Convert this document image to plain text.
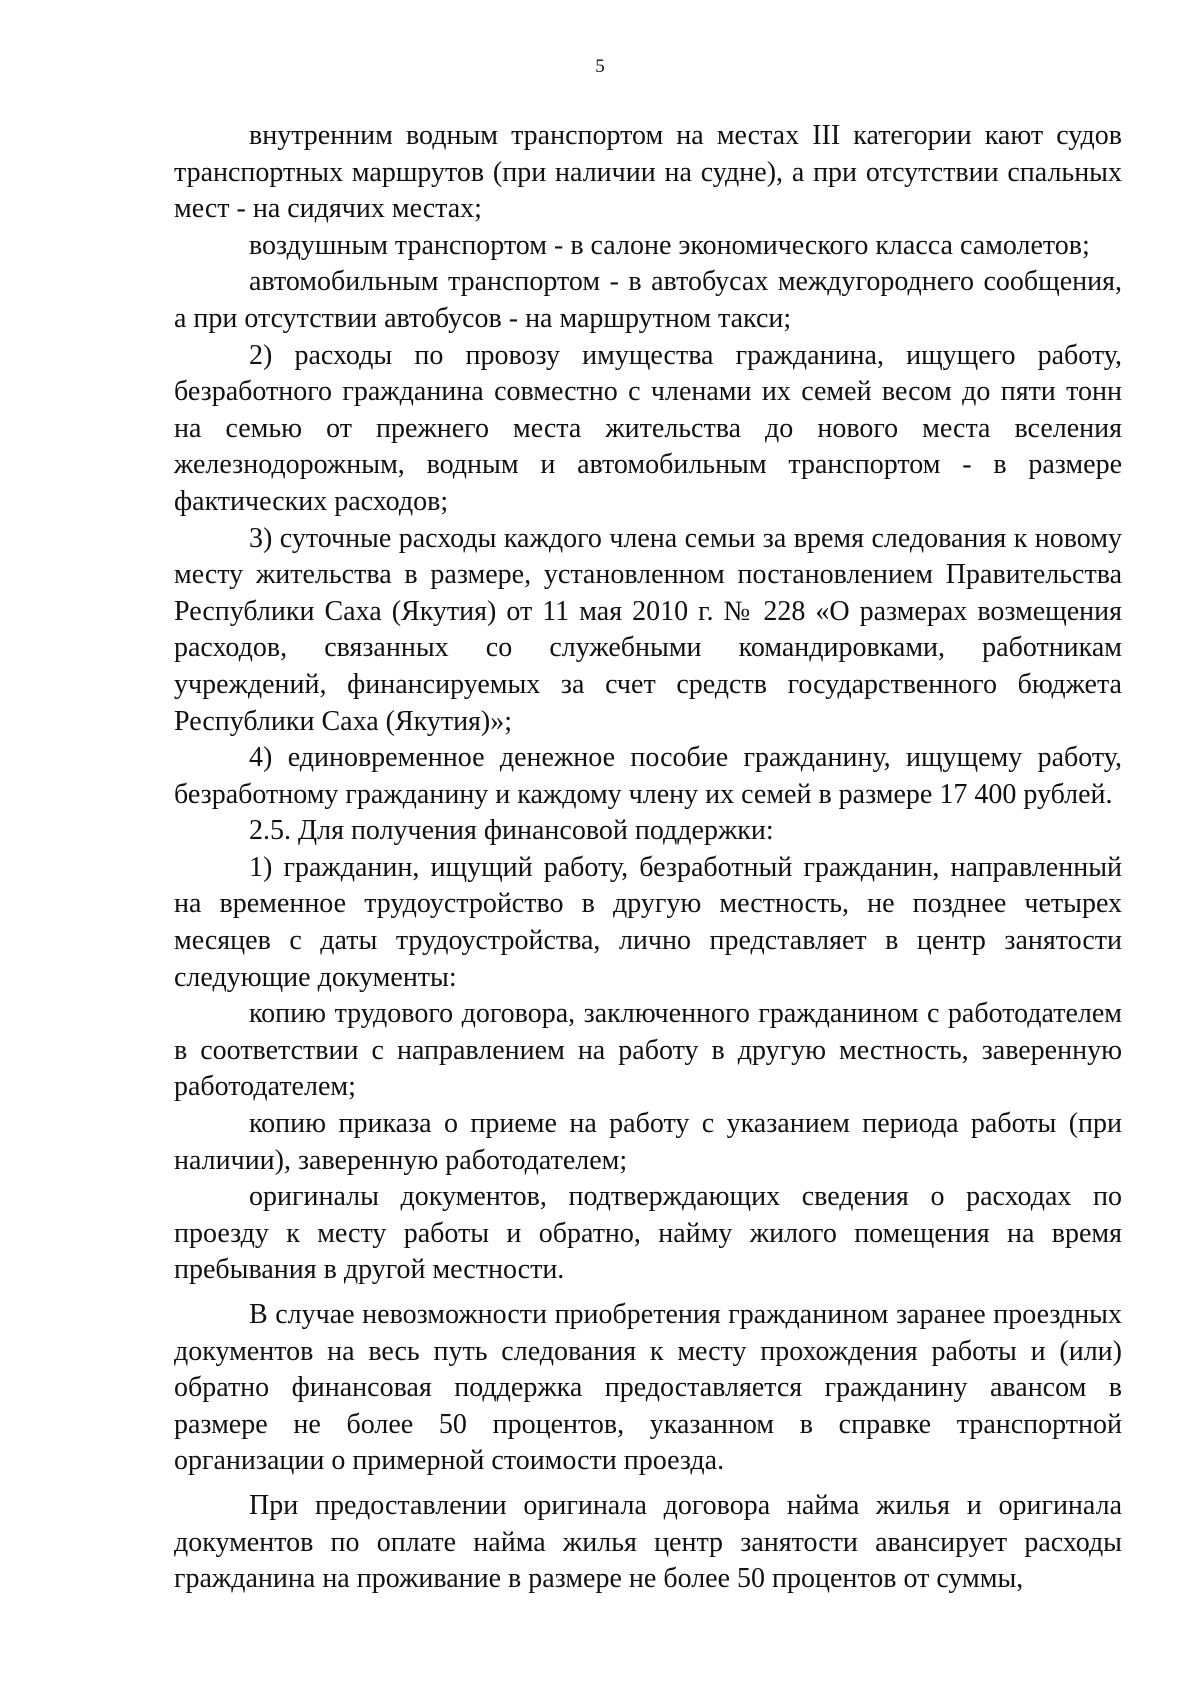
5

внутренним водным транспортом на местах III категории кают судов транспортных маршрутов (при наличии на судне), а при отсутствии спальных мест - на сидячих местах;

воздушным транспортом - в салоне экономического класса самолетов;

автомобильным транспортом - в автобусах междугороднего сообщения, а при отсутствии автобусов - на маршрутном такси;

2) расходы по провозу имущества гражданина, ищущего работу, безработного гражданина совместно с членами их семей весом до пяти тонн на семью от прежнего места жительства до нового места вселения железнодорожным, водным и автомобильным транспортом - в размере фактических расходов;

3) суточные расходы каждого члена семьи за время следования к новому месту жительства в размере, установленном постановлением Правительства Республики Саха (Якутия) от 11 мая 2010 г. № 228 «О размерах возмещения расходов, связанных со служебными командировками, работникам учреждений, финансируемых за счет средств государственного бюджета Республики Саха (Якутия)»;

4) единовременное денежное пособие гражданину, ищущему работу, безработному гражданину и каждому члену их семей в размере 17 400 рублей.

2.5. Для получения финансовой поддержки:

1) гражданин, ищущий работу, безработный гражданин, направленный на временное трудоустройство в другую местность, не позднее четырех месяцев с даты трудоустройства, лично представляет в центр занятости следующие документы:

копию трудового договора, заключенного гражданином с работодателем в соответствии с направлением на работу в другую местность, заверенную работодателем;

копию приказа о приеме на работу с указанием периода работы (при наличии), заверенную работодателем;

оригиналы документов, подтверждающих сведения о расходах по проезду к месту работы и обратно, найму жилого помещения на время пребывания в другой местности.

В случае невозможности приобретения гражданином заранее проездных документов на весь путь следования к месту прохождения работы и (или) обратно финансовая поддержка предоставляется гражданину авансом в размере не более 50 процентов, указанном в справке транспортной организации о примерной стоимости проезда.

При предоставлении оригинала договора найма жилья и оригинала документов по оплате найма жилья центр занятости авансирует расходы гражданина на проживание в размере не более 50 процентов от суммы,
